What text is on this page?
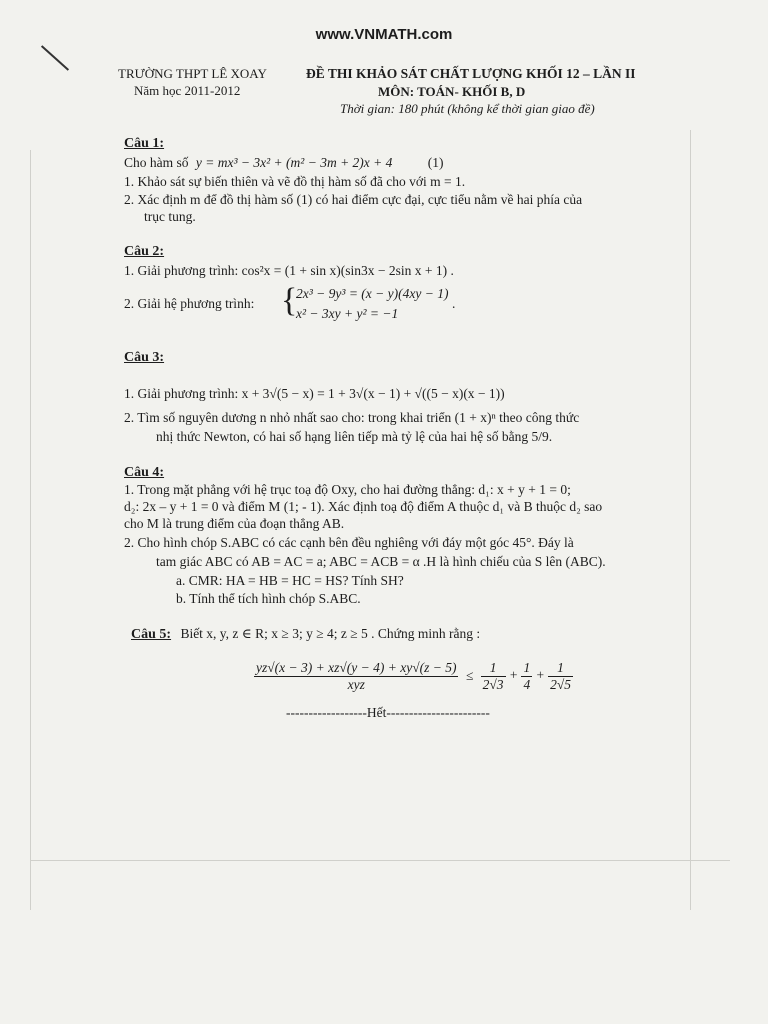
www.VNMATH.com
TRƯỜNG THPT LÊ XOAY
Năm học 2011-2012
ĐỀ THI KHẢO SÁT CHẤT LƯỢNG KHỐI 12 – LẦN II
MÔN: TOÁN- KHỐI B, D
Thời gian: 180 phút (không kể thời gian giao đề)
Câu 1:
Cho hàm số y = mx³ − 3x² + (m² − 3m + 2)x + 4	(1)
1. Khảo sát sự biến thiên và vẽ đồ thị hàm số đã cho với m = 1.
2. Xác định m để đồ thị hàm số (1) có hai điểm cực đại, cực tiểu nằm về hai phía của
trục tung.
Câu 2:
1. Giải phương trình: cos²x = (1 + sin x)(sin3x − 2sin x + 1) .
2. Giải hệ phương trình: {
2x³ − 9y³ = (x − y)(4xy − 1)
x² − 3xy + y² = −1
.
Câu 3:
1. Giải phương trình: x + 3√(5 − x) = 1 + 3√(x − 1) + √((5 − x)(x − 1))
2. Tìm số nguyên dương n nhỏ nhất sao cho: trong khai triển (1 + x)ⁿ theo công thức
nhị thức Newton, có hai số hạng liên tiếp mà tỷ lệ của hai hệ số bằng 5/9.
Câu 4:
1. Trong mặt phẳng với hệ trục toạ độ Oxy, cho hai đường thẳng: d₁: x + y + 1 = 0;
d₂: 2x – y + 1 = 0 và điểm M (1; - 1). Xác định toạ độ điểm A thuộc d₁ và B thuộc d₂ sao
cho M là trung điểm của đoạn thẳng AB.
2. Cho hình chóp S.ABC có các cạnh bên đều nghiêng với đáy một góc 45°. Đáy là
tam giác ABC có AB = AC = a; ABC = ACB = α .H là hình chiếu của S lên (ABC).
a. CMR: HA = HB = HC = HS? Tính SH?
b. Tính thể tích hình chóp S.ABC.
Câu 5: Biết x, y, z ∈ R; x ≥ 3; y ≥ 4; z ≥ 5 . Chứng minh rằng :
$\frac{yz√(x - 3) + xz√(y - 4) + xy√(z - 5)}{\text{xyz}} \le \frac{1}{2√3} + \frac{1}{4} + \frac{1}{2√5}$
------------------Hết-----------------------
